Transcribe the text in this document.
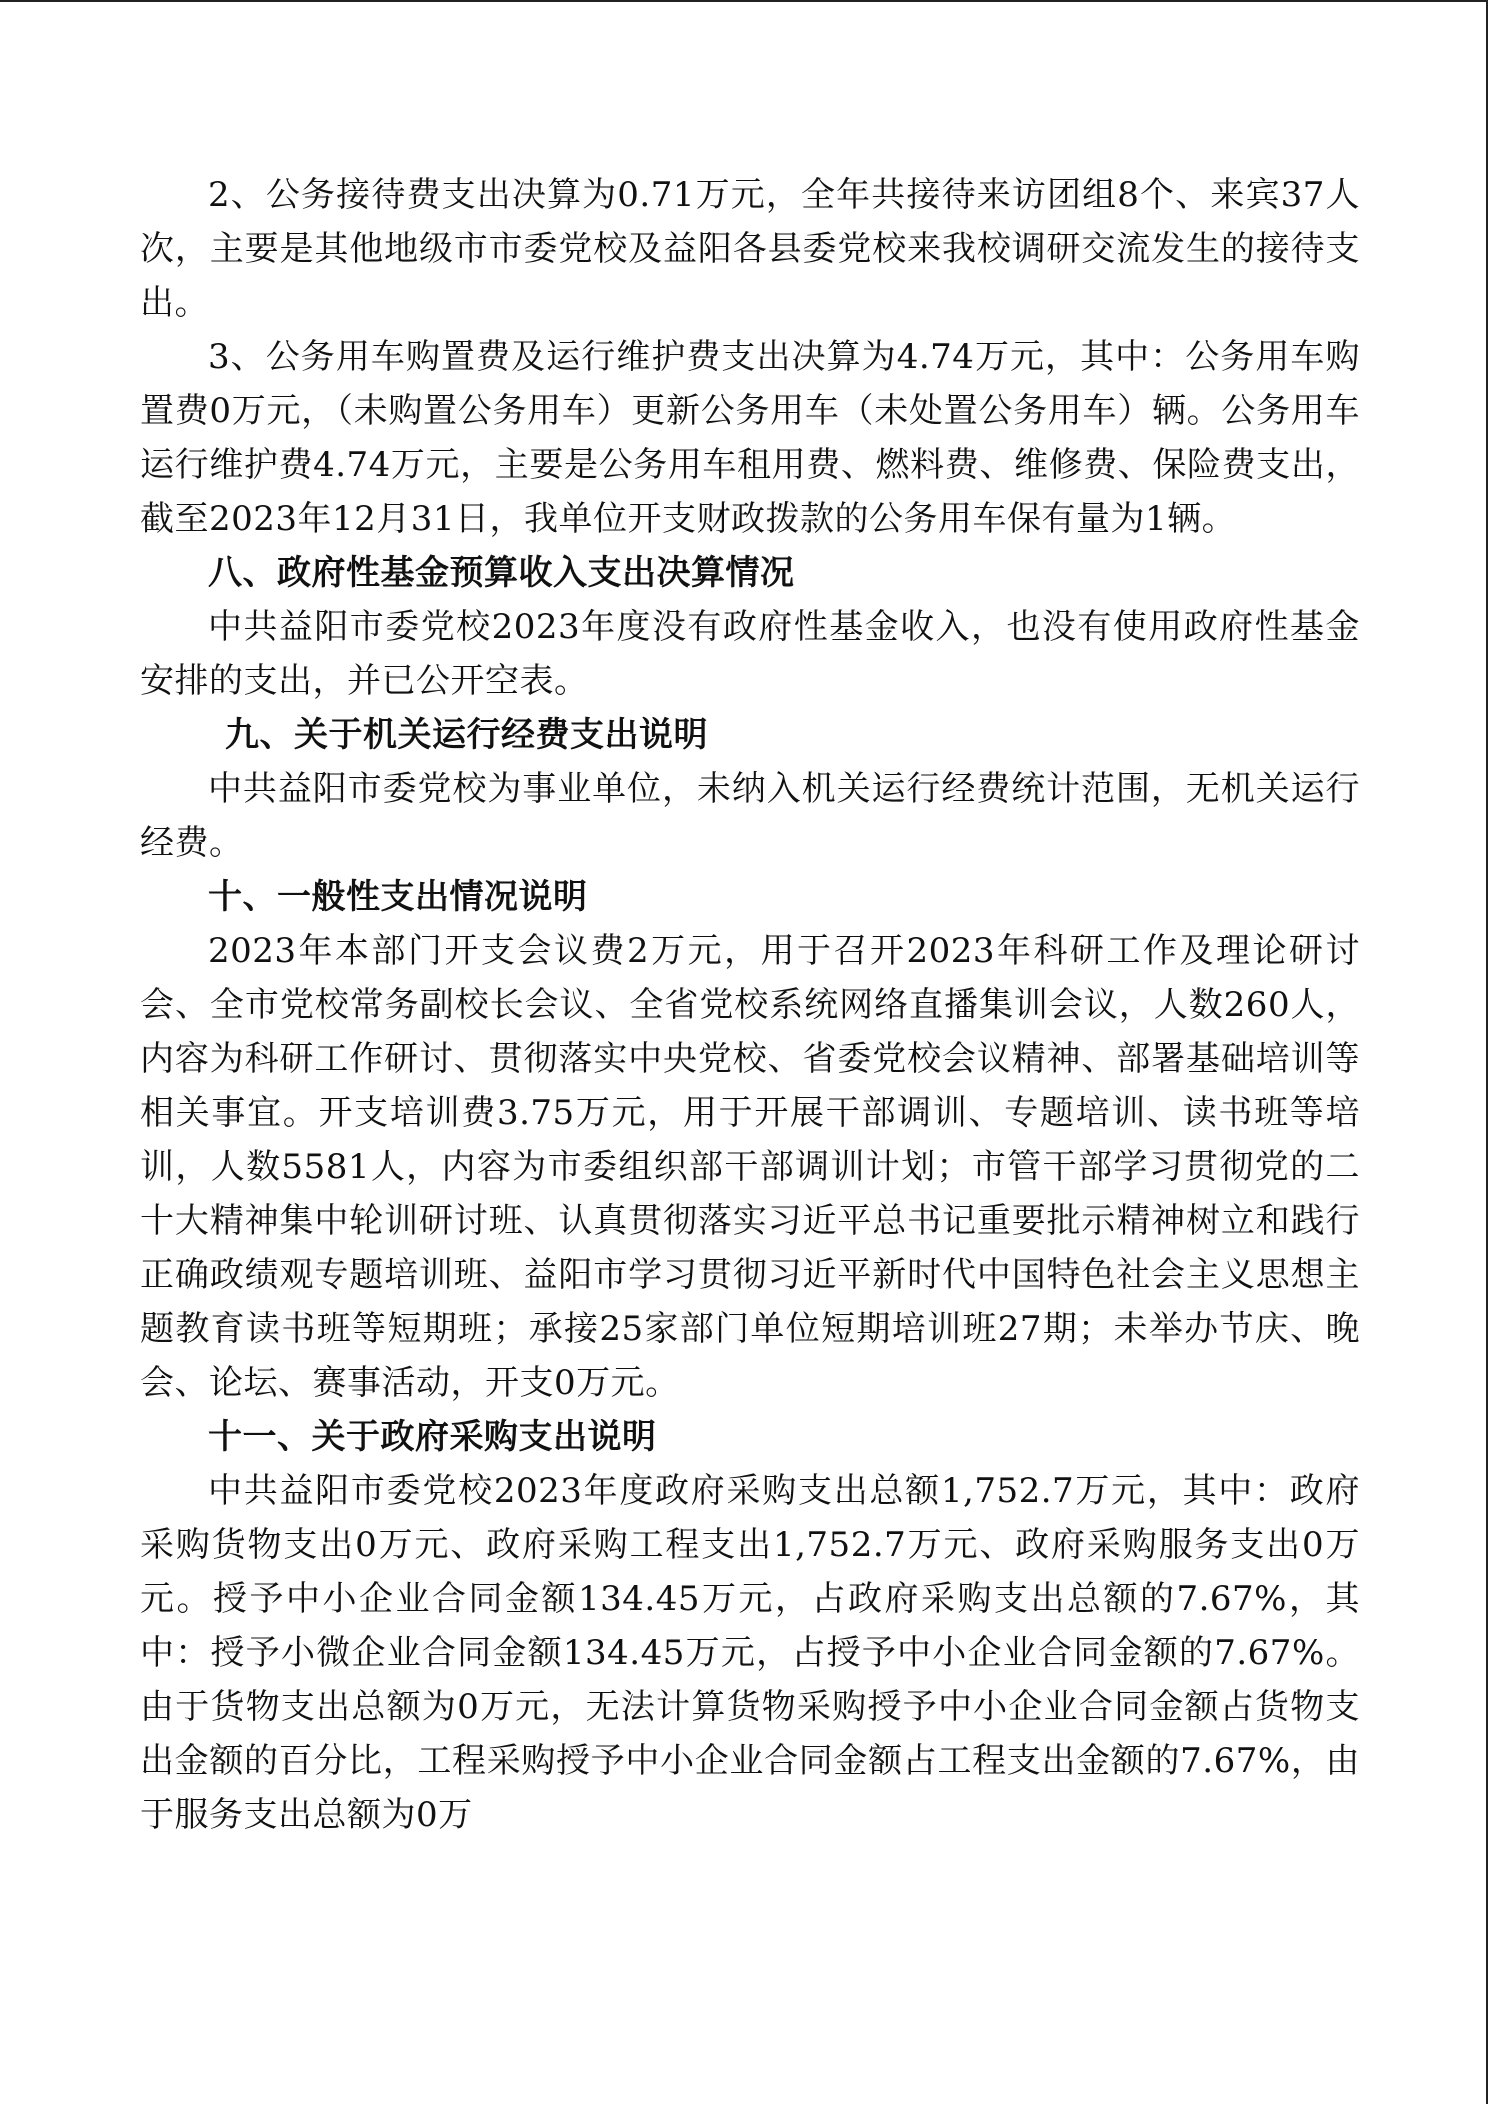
2、公务接待费支出决算为0.71万元，全年共接待来访团组8个、来宾37人次，主要是其他地级市市委党校及益阳各县委党校来我校调研交流发生的接待支出。

3、公务用车购置费及运行维护费支出决算为4.74万元，其中：公务用车购置费0万元，（未购置公务用车）更新公务用车（未处置公务用车）辆。公务用车运行维护费4.74万元，主要是公务用车租用费、燃料费、维修费、保险费支出，截至2023年12月31日，我单位开支财政拨款的公务用车保有量为1辆。

八、政府性基金预算收入支出决算情况

中共益阳市委党校2023年度没有政府性基金收入，也没有使用政府性基金安排的支出，并已公开空表。

九、关于机关运行经费支出说明

中共益阳市委党校为事业单位，未纳入机关运行经费统计范围，无机关运行经费。

十、一般性支出情况说明

2023年本部门开支会议费2万元，用于召开2023年科研工作及理论研讨会、全市党校常务副校长会议、全省党校系统网络直播集训会议，人数260人，内容为科研工作研讨、贯彻落实中央党校、省委党校会议精神、部署基础培训等相关事宜。开支培训费3.75万元，用于开展干部调训、专题培训、读书班等培训，人数5581人，内容为市委组织部干部调训计划；市管干部学习贯彻党的二十大精神集中轮训研讨班、认真贯彻落实习近平总书记重要批示精神树立和践行正确政绩观专题培训班、益阳市学习贯彻习近平新时代中国特色社会主义思想主题教育读书班等短期班；承接25家部门单位短期培训班27期；未举办节庆、晚会、论坛、赛事活动，开支0万元。

十一、关于政府采购支出说明

中共益阳市委党校2023年度政府采购支出总额1,752.7万元，其中：政府采购货物支出0万元、政府采购工程支出1,752.7万元、政府采购服务支出0万元。授予中小企业合同金额134.45万元，占政府采购支出总额的7.67%，其中：授予小微企业合同金额134.45万元，占授予中小企业合同金额的7.67%。由于货物支出总额为0万元，无法计算货物采购授予中小企业合同金额占货物支出金额的百分比，工程采购授予中小企业合同金额占工程支出金额的7.67%，由于服务支出总额为0万
